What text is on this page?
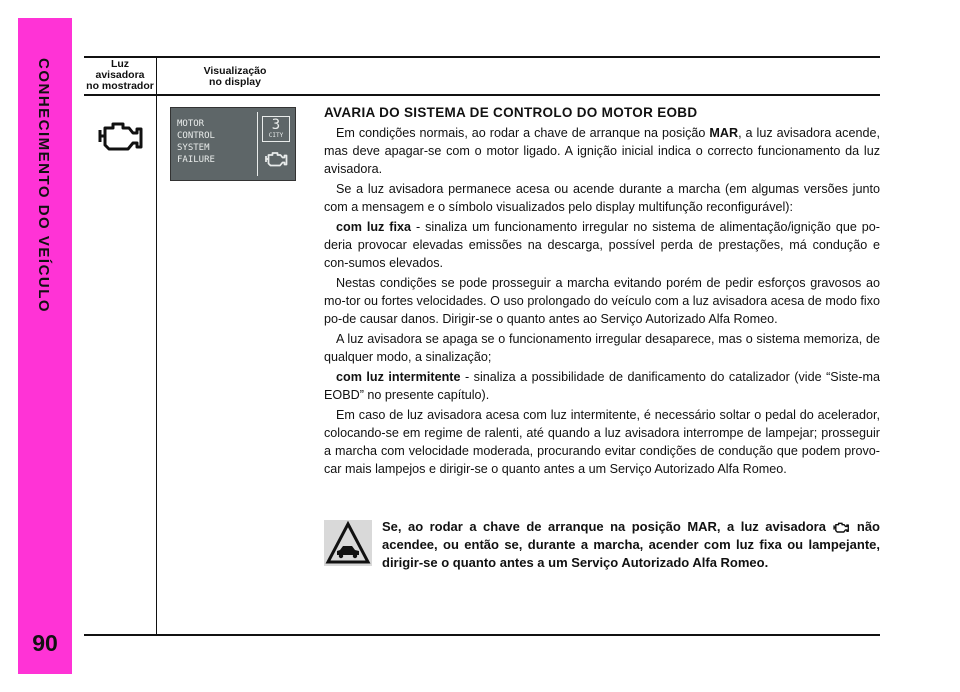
CONHECIMENTO DO VEÍCULO
90
Luz
avisadora
no mostrador
Visualização
no display
MOTOR
CONTROL
SYSTEM
FAILURE
3
CITY
AVARIA DO SISTEMA DE CONTROLO DO MOTOR EOBD

Em condições normais, ao rodar a chave de arranque na posição MAR, a luz avisadora acende, mas deve apagar-se com o motor ligado. A ignição inicial indica o correcto funcionamento da luz avisadora.

Se a luz avisadora permanece acesa ou acende durante a marcha (em algumas versões junto com a mensagem e o símbolo visualizados pelo display multifunção reconfigurável):

com luz fixa - sinaliza um funcionamento irregular no sistema de alimentação/ignição que po-deria provocar elevadas emissões na descarga, possível perda de prestações, má condução e con-sumos elevados.

Nestas condições se pode prosseguir a marcha evitando porém de pedir esforços gravosos ao mo-tor ou fortes velocidades. O uso prolongado do veículo com a luz avisadora acesa de modo fixo po-de causar danos. Dirigir-se o quanto antes ao Serviço Autorizado Alfa Romeo.

A luz avisadora se apaga se o funcionamento irregular desaparece, mas o sistema memoriza, de qualquer modo, a sinalização;

com luz intermitente - sinaliza a possibilidade de danificamento do catalizador (vide “Siste-ma EOBD” no presente capítulo).

Em caso de luz avisadora acesa com luz intermitente, é necessário soltar o pedal do acelerador, colocando-se em regime de ralenti, até quando a luz avisadora interrompe de lampejar; prosseguir a marcha com velocidade moderada, procurando evitar condições de condução que podem provo-car mais lampejos e dirigir-se o quanto antes a um Serviço Autorizado Alfa Romeo.

Se, ao rodar a chave de arranque na posição MAR, a luz avisadora  não acendee, ou então se, durante a marcha, acender com luz fixa ou lampejante, dirigir-se o quanto antes a um Serviço Autorizado Alfa Romeo.
